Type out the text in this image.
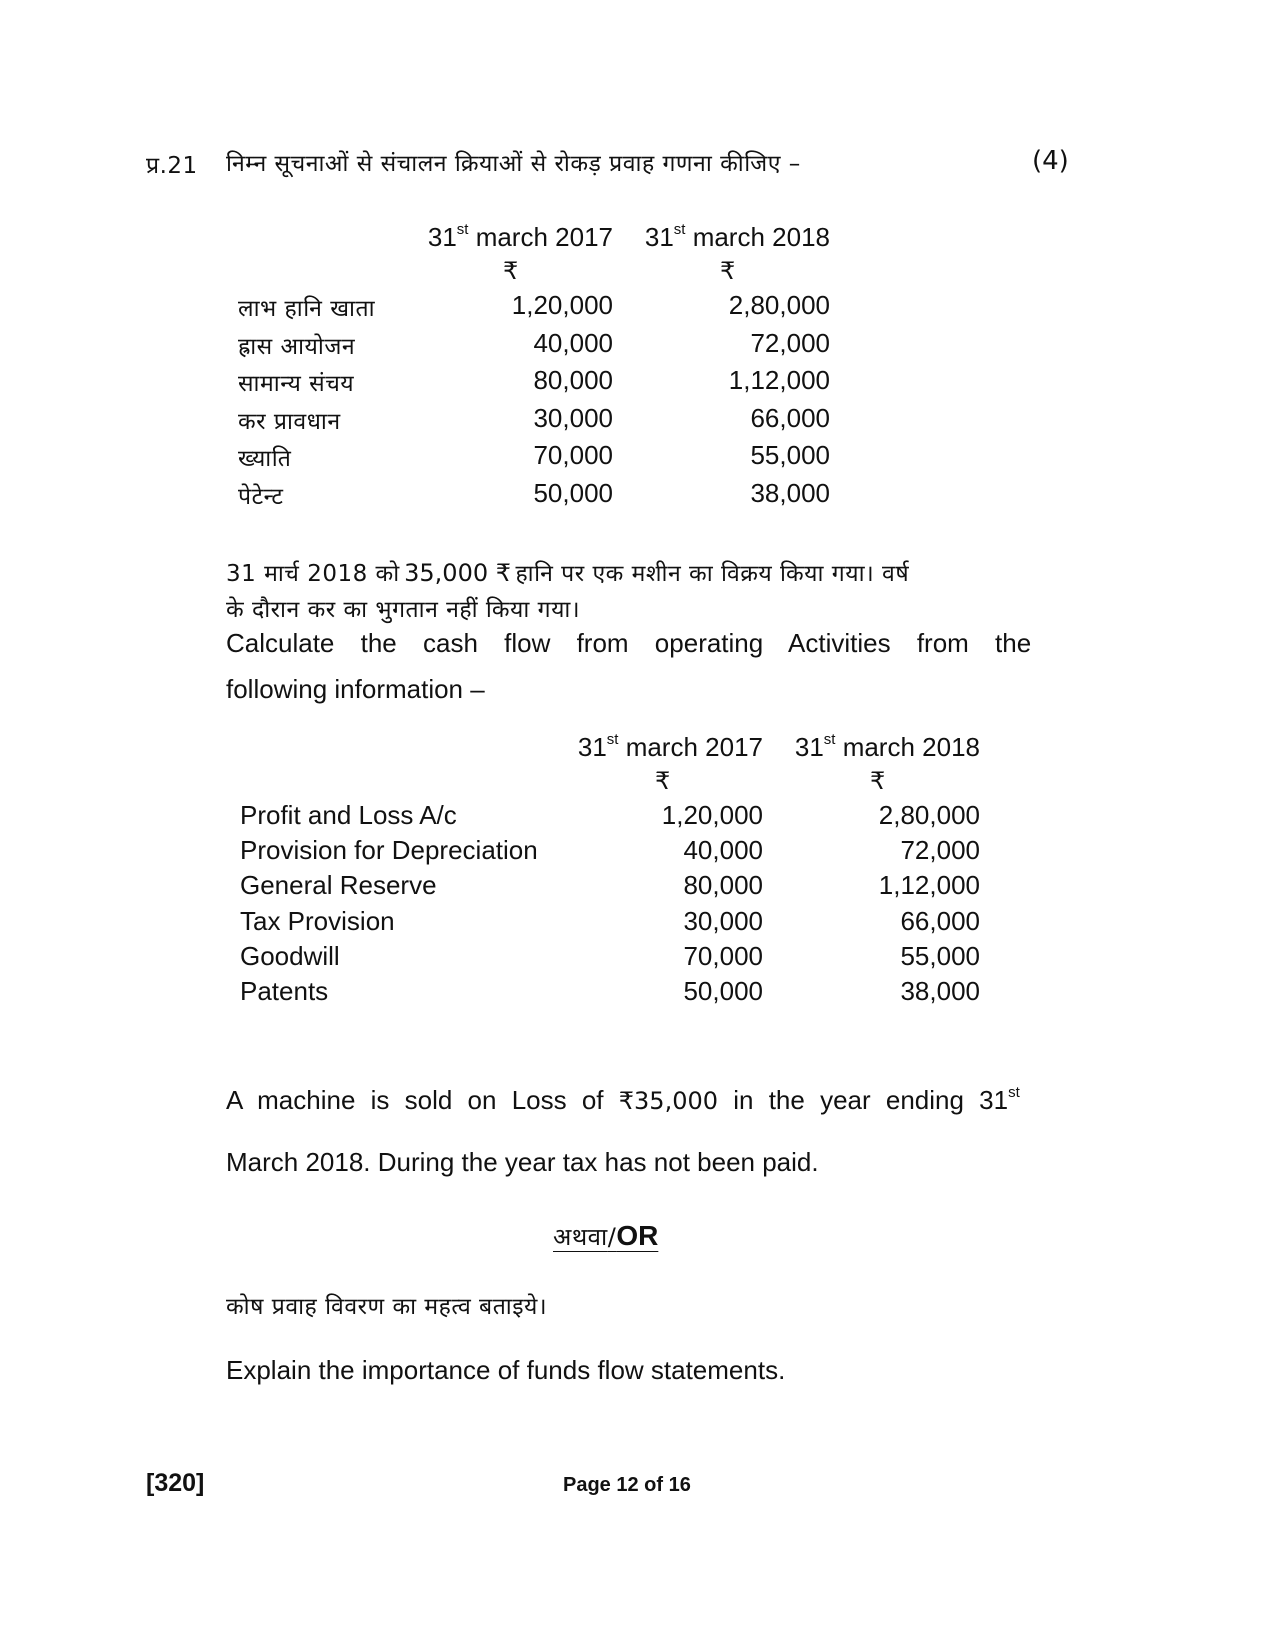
प्र.21 निम्न सूचनाओं से संचालन क्रियाओं से रोकड़ प्रवाह गणना कीजिए –	(4)
31st march 2017	31st march 2018
₹	₹
लाभ हानि खाता	1,20,000	2,80,000
ह्रास आयोजन	40,000	72,000
सामान्य संचय	80,000	1,12,000
कर प्रावधान	30,000	66,000
ख्याति	70,000	55,000
पेटेन्ट	50,000	38,000
31 मार्च 2018 को 35,000 ₹ हानि पर एक मशीन का विक्रय किया गया। वर्ष
के दौरान कर का भुगतान नहीं किया गया।
Calculate the cash flow from operating Activities from the
following information –
31st march 2017	31st march 2018
₹	₹
Profit and Loss A/c	1,20,000	2,80,000
Provision for Depreciation	40,000	72,000
General Reserve	80,000	1,12,000
Tax Provision	30,000	66,000
Goodwill	70,000	55,000
Patents	50,000	38,000
A machine is sold on Loss of ₹35,000 in the year ending 31st
March 2018. During the year tax has not been paid.
अथवा/OR
कोष प्रवाह विवरण का महत्व बताइये।
Explain the importance of funds flow statements.
[320]	Page 12 of 16
